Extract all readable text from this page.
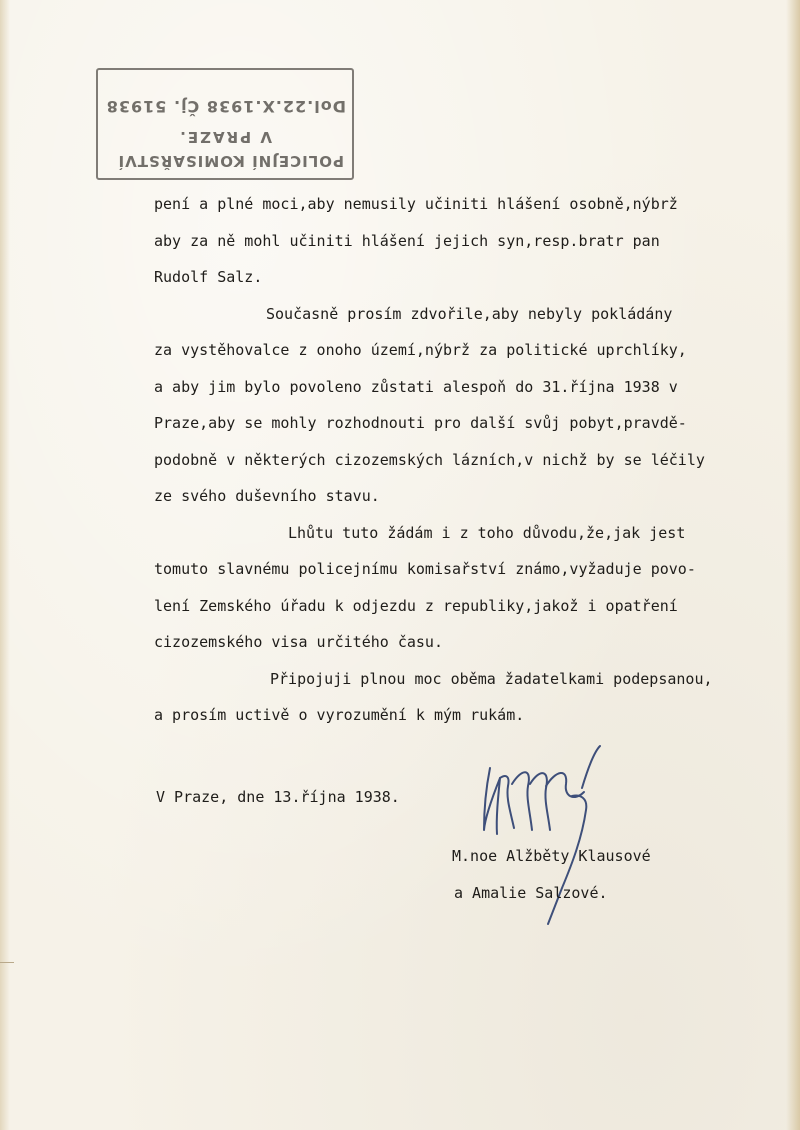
POLICEJNÍ KOMISAŘSTVÍ
V PRAZE.
Dol.22.X.1938 Čj. 51938
pení a plné moci,aby nemusily učiniti hlášení osobně,nýbrž
aby za ně mohl učiniti hlášení jejich syn,resp.bratr pan
Rudolf Salz.
Současně prosím zdvořile,aby nebyly pokládány
za vystěhovalce z onoho území,nýbrž za politické uprchlíky,
a aby jim bylo povoleno zůstati alespoň do 31.října 1938 v
Praze,aby se mohly rozhodnouti pro další svůj pobyt,pravdě-
podobně v některých cizozemských lázních,v nichž by se léčily
ze svého duševního stavu.
Lhůtu tuto žádám i z toho důvodu,že,jak jest
tomuto slavnému policejnímu komisařství známo,vyžaduje povo-
lení Zemského úřadu k odjezdu z republiky,jakož i opatření
cizozemského visa určitého času.
Připojuji plnou moc oběma žadatelkami podepsanou,
a prosím uctivě o vyrozumění k mým rukám.
V Praze, dne 13.října 1938.
M.noe Alžběty Klausové
a Amalie Salzové.
